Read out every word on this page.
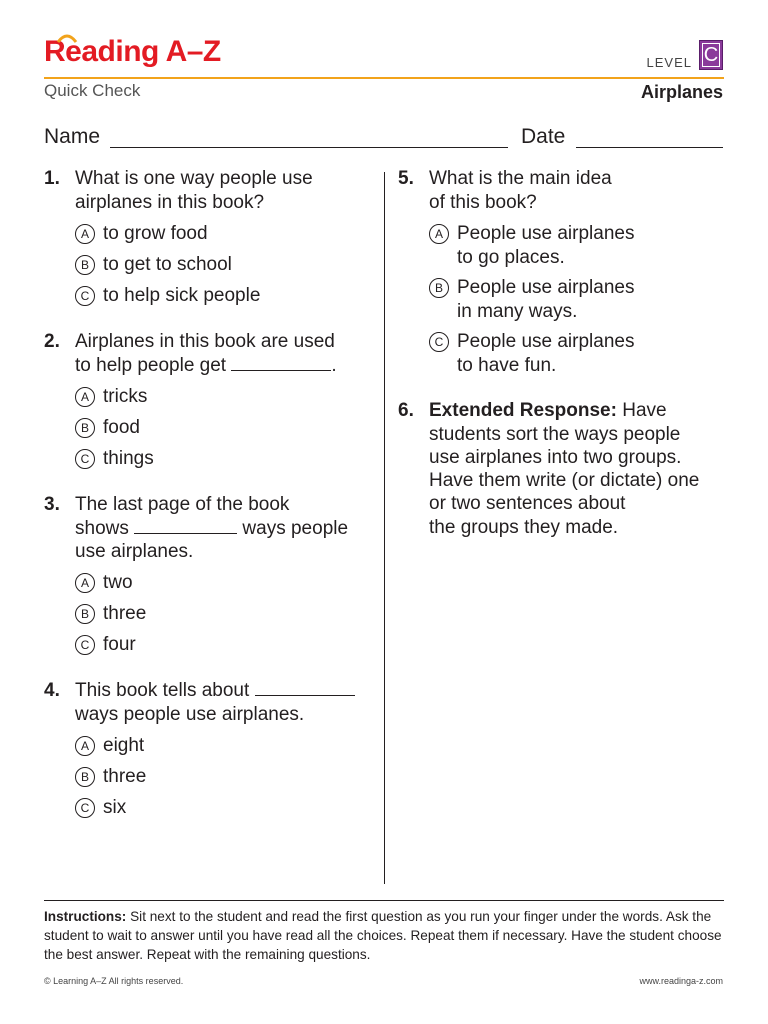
Reading A–Z	LEVEL C
Quick Check	Airplanes
Name	Date
1. What is one way people use
airplanes in this book?
A to grow food
B to get to school
C to help sick people
2. Airplanes in this book are used
to help people get	.
A tricks
B food
C things
3. The last page of the book
shows	ways people
use airplanes.
A two
B three
C four
4. This book tells about
ways people use airplanes.
A eight
B three
C six
5. What is the main idea
of this book?
A People use airplanes
to go places.
B People use airplanes
in many ways.
C People use airplanes
to have fun.
6. Extended Response: Have
students sort the ways people
use airplanes into two groups.
Have them write (or dictate) one
or two sentences about
the groups they made.
Instructions: Sit next to the student and read the first question as you run your finger under the words. Ask the student to wait to answer until you have read all the choices. Repeat them if necessary. Have the student choose the best answer. Repeat with the remaining questions.
© Learning A–Z All rights reserved.	www.readinga-z.com
